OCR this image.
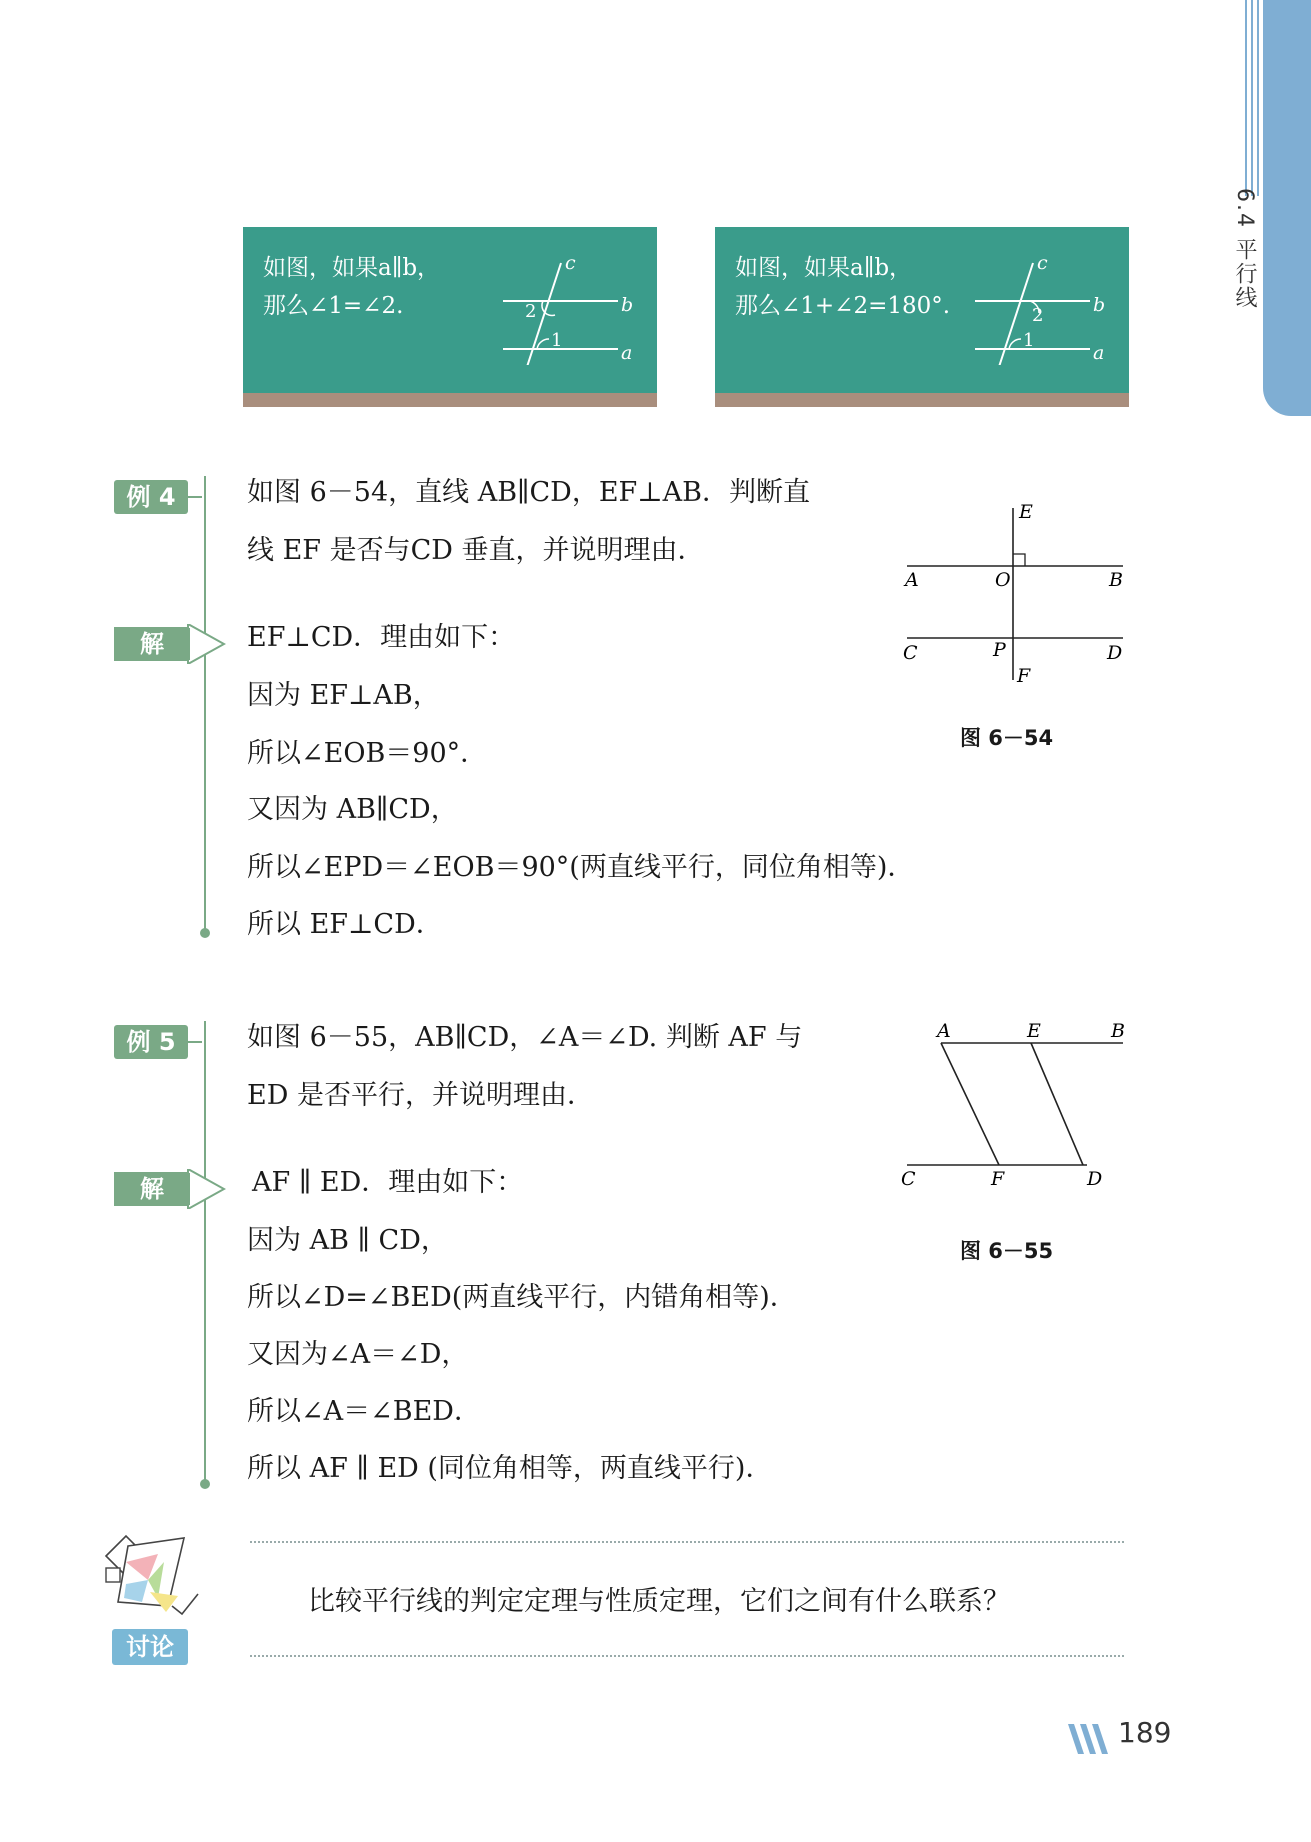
6.4 平行线
如图，如果a∥b，
那么∠1=∠2.
c
b
a
2
1
如图，如果a∥b，
那么∠1+∠2=180°.
c
b
a
2
1
例 4	如图 6－54，直线 AB∥CD，EF⊥AB．判断直
线 EF 是否与CD 垂直，并说明理由．
解	EF⊥CD．理由如下：
因为 EF⊥AB，
所以∠EOB＝90°．
又因为 AB∥CD，
所以∠EPD＝∠EOB＝90°(两直线平行，同位角相等)．
所以 EF⊥CD．
E
A	O	B
C	P	D
F
图 6－54
例 5	如图 6－55，AB∥CD，∠A＝∠D. 判断 AF 与
ED 是否平行，并说明理由．
解	AF ∥ ED．理由如下：
因为 AB ∥ CD，
所以∠D=∠BED(两直线平行，内错角相等)．
又因为∠A＝∠D，
所以∠A＝∠BED．
所以 AF ∥ ED (同位角相等，两直线平行)．
A	E	B
C	F	D
图 6－55
讨论
比较平行线的判定定理与性质定理，它们之间有什么联系？
189
